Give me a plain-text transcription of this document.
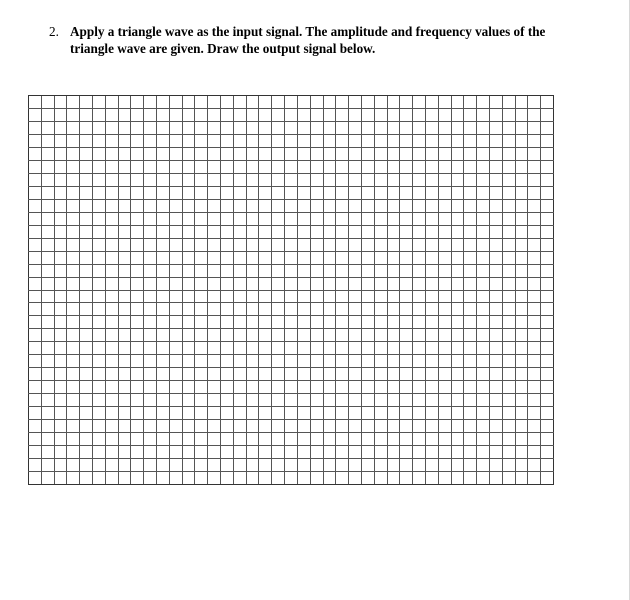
2. Apply a triangle wave as the input signal. The amplitude and frequency values of the triangle wave are given. Draw the output signal below.
